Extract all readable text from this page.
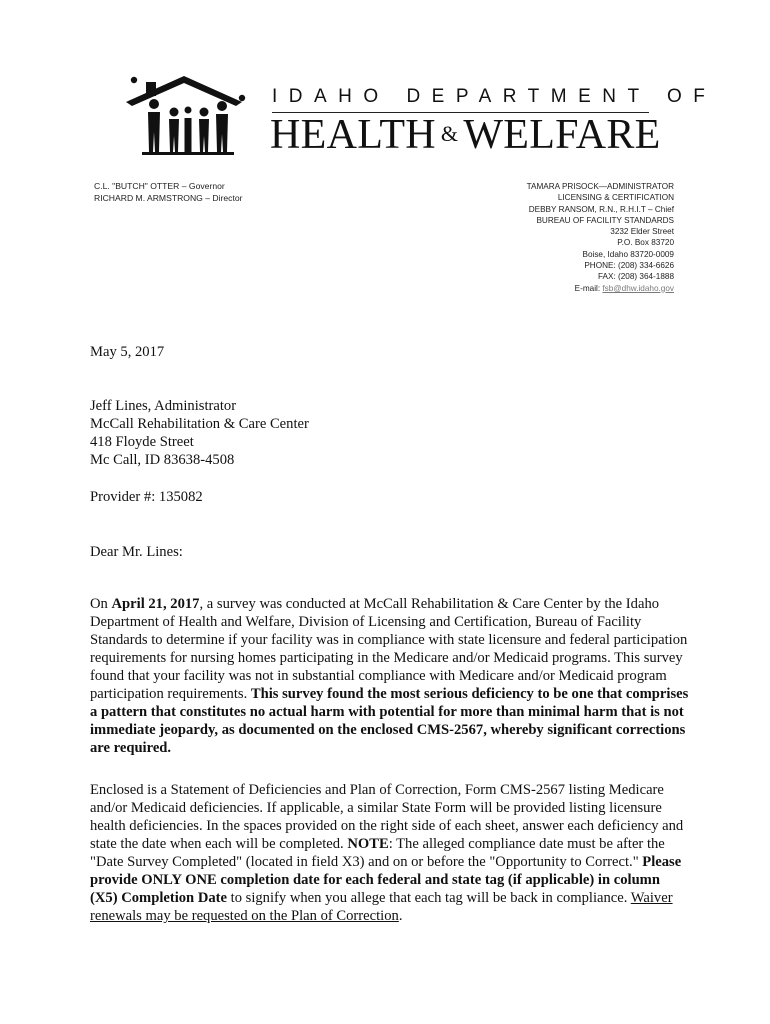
IDAHO DEPARTMENT OF
HEALTH & WELFARE
C.L. "BUTCH" OTTER – Governor
RICHARD M. ARMSTRONG – Director
TAMARA PRISOCK—ADMINISTRATOR
LICENSING & CERTIFICATION
DEBBY RANSOM, R.N., R.H.I.T – Chief
BUREAU OF FACILITY STANDARDS
3232 Elder Street
P.O. Box 83720
Boise, Idaho 83720-0009
PHONE: (208) 334-6626
FAX: (208) 364-1888
E-mail: fsb@dhw.idaho.gov
May 5, 2017
Jeff Lines, Administrator
McCall Rehabilitation & Care Center
418 Floyde Street
Mc Call, ID 83638-4508
Provider #: 135082
Dear Mr. Lines:

On April 21, 2017, a survey was conducted at McCall Rehabilitation & Care Center by the Idaho Department of Health and Welfare, Division of Licensing and Certification, Bureau of Facility Standards to determine if your facility was in compliance with state licensure and federal participation requirements for nursing homes participating in the Medicare and/or Medicaid programs. This survey found that your facility was not in substantial compliance with Medicare and/or Medicaid program participation requirements. This survey found the most serious deficiency to be one that comprises a pattern that constitutes no actual harm with potential for more than minimal harm that is not immediate jeopardy, as documented on the enclosed CMS-2567, whereby significant corrections are required.

Enclosed is a Statement of Deficiencies and Plan of Correction, Form CMS-2567 listing Medicare and/or Medicaid deficiencies. If applicable, a similar State Form will be provided listing licensure health deficiencies. In the spaces provided on the right side of each sheet, answer each deficiency and state the date when each will be completed. NOTE: The alleged compliance date must be after the "Date Survey Completed" (located in field X3) and on or before the "Opportunity to Correct." Please provide ONLY ONE completion date for each federal and state tag (if applicable) in column (X5) Completion Date to signify when you allege that each tag will be back in compliance. Waiver renewals may be requested on the Plan of Correction.
